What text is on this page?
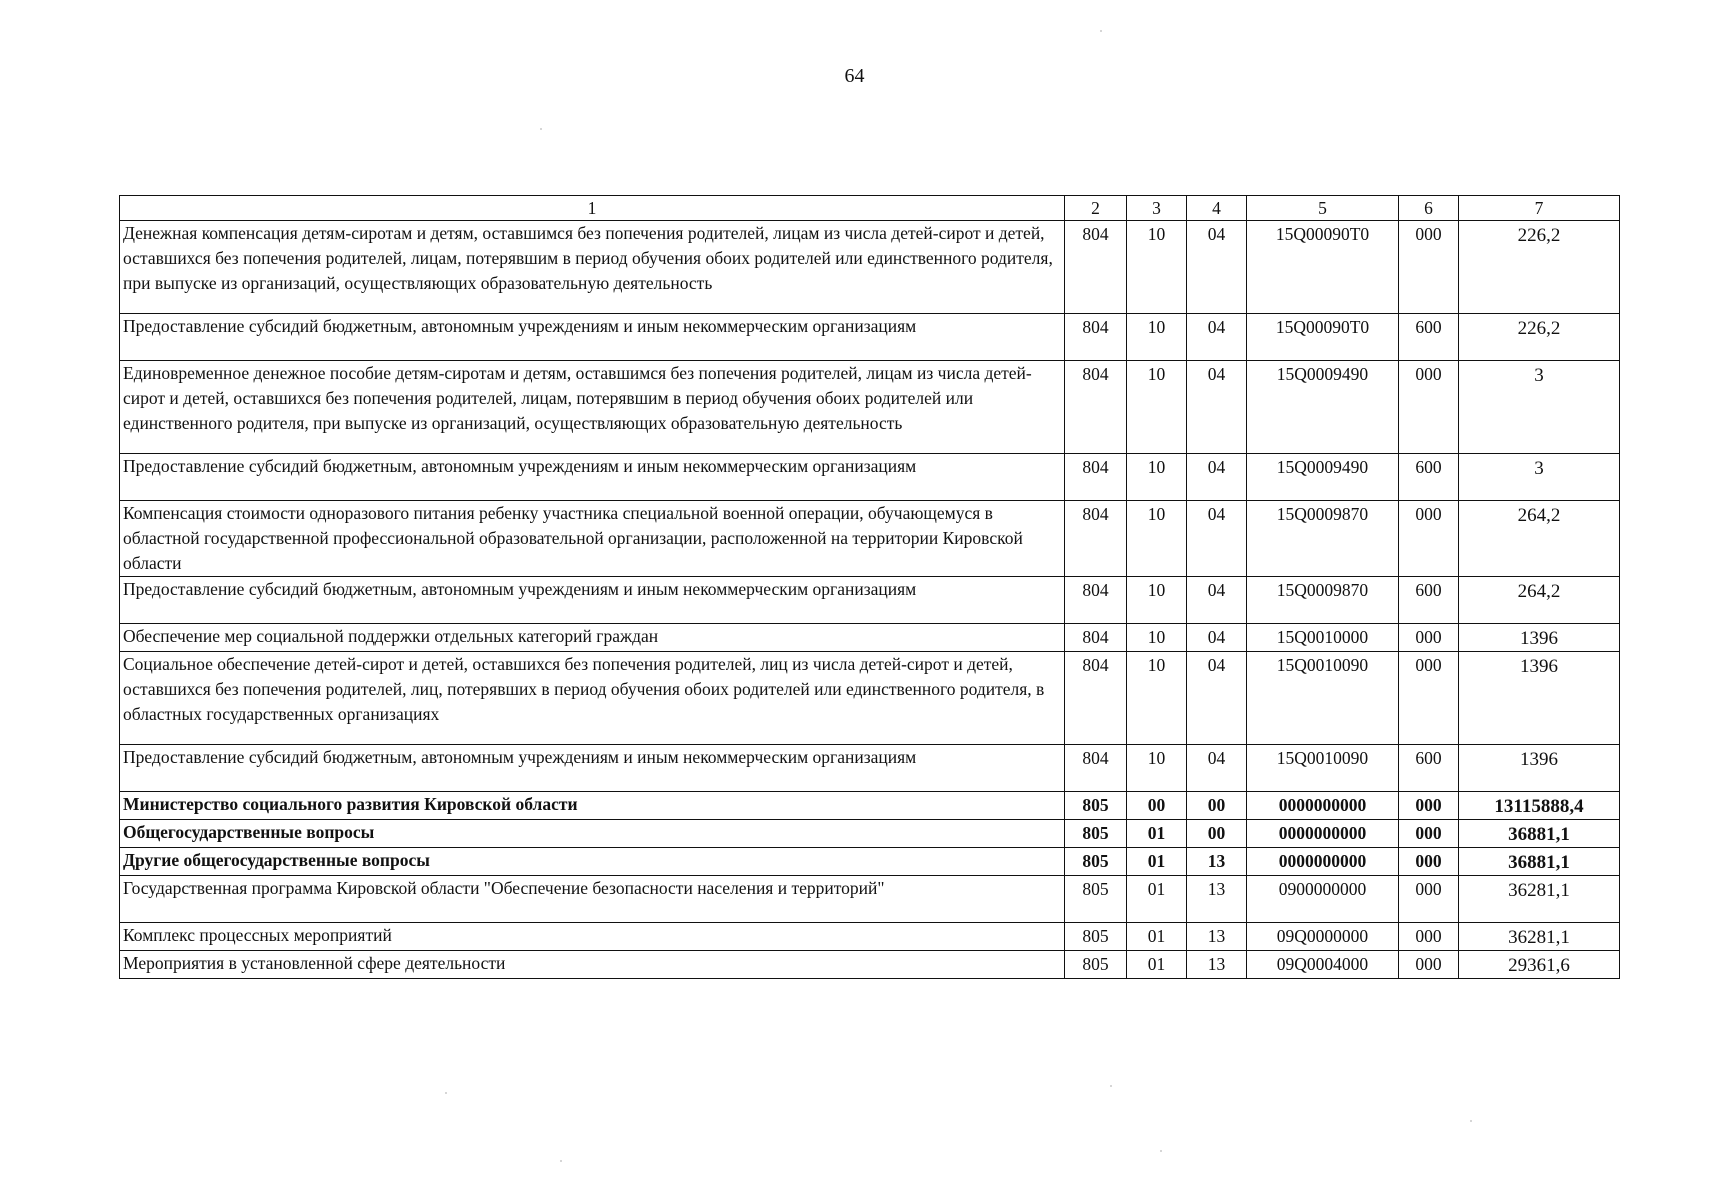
64
1	2	3	4	5	6	7
Денежная компенсация детям-сиротам и детям, оставшимся без попечения родителей, лицам из числа детей-сирот и детей, оставшихся без попечения родителей, лицам, потерявшим в период обучения обоих родителей или единственного родителя, при выпуске из организаций, осуществляющих образовательную деятельность	804	10	04	15Q00090T0	000	226,2
Предоставление субсидий бюджетным, автономным учреждениям и иным некоммерческим организациям	804	10	04	15Q00090T0	600	226,2
Единовременное денежное пособие детям-сиротам и детям, оставшимся без попечения родителей, лицам из числа детей-сирот и детей, оставшихся без попечения родителей, лицам, потерявшим в период обучения обоих родителей или единственного родителя, при выпуске из организаций, осуществляющих образовательную деятельность	804	10	04	15Q0009490	000	3
Предоставление субсидий бюджетным, автономным учреждениям и иным некоммерческим организациям	804	10	04	15Q0009490	600	3
Компенсация стоимости одноразового питания ребенку участника специальной военной операции, обучающемуся в областной государственной профессиональной образовательной организации, расположенной на территории Кировской области	804	10	04	15Q0009870	000	264,2
Предоставление субсидий бюджетным, автономным учреждениям и иным некоммерческим организациям	804	10	04	15Q0009870	600	264,2
Обеспечение мер социальной поддержки отдельных категорий граждан	804	10	04	15Q0010000	000	1396
Социальное обеспечение детей-сирот и детей, оставшихся без попечения родителей, лиц из числа детей-сирот и детей, оставшихся без попечения родителей, лиц, потерявших в период обучения обоих родителей или единственного родителя, в областных государственных организациях	804	10	04	15Q0010090	000	1396
Предоставление субсидий бюджетным, автономным учреждениям и иным некоммерческим организациям	804	10	04	15Q0010090	600	1396
Министерство социального развития Кировской области	805	00	00	0000000000	000	13115888,4
Общегосударственные вопросы	805	01	00	0000000000	000	36881,1
Другие общегосударственные вопросы	805	01	13	0000000000	000	36881,1
Государственная программа Кировской области "Обеспечение безопасности населения и территорий"	805	01	13	0900000000	000	36281,1
Комплекс процессных мероприятий	805	01	13	09Q0000000	000	36281,1
Мероприятия в установленной сфере деятельности	805	01	13	09Q0004000	000	29361,6
